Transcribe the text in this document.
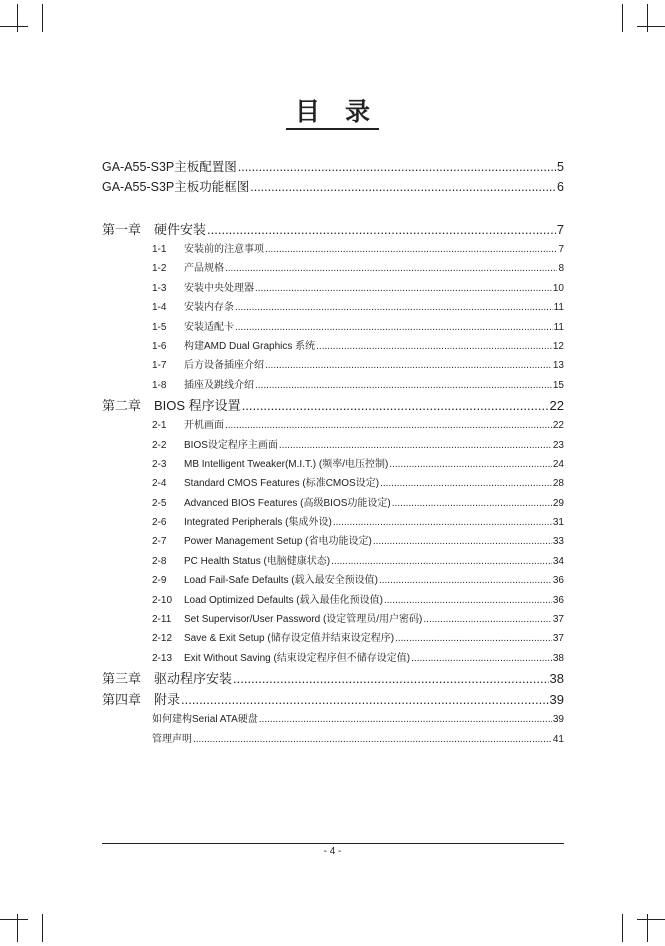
目 录
GA-A55-S3P主板配置图 .....	5
GA-A55-S3P主板功能框图 .....	6
第一章 硬件安装 .....	7
1-1	安装前的注意事项 .....	7
1-2	产品规格 .....	8
1-3	安装中央处理器 .....	10
1-4	安装内存条 .....	11
1-5	安装适配卡 .....	11
1-6	构建AMD Dual Graphics 系统 .....	12
1-7	后方设备插座介绍 .....	13
1-8	插座及跳线介绍 .....	15
第二章 BIOS 程序设置 .....	22
2-1	开机画面 .....	22
2-2	BIOS设定程序主画面 .....	23
2-3	MB Intelligent Tweaker(M.I.T.) (频率/电压控制) .....	24
2-4	Standard CMOS Features (标准CMOS设定) .....	28
2-5	Advanced BIOS Features (高级BIOS功能设定) .....	29
2-6	Integrated Peripherals (集成外设) .....	31
2-7	Power Management Setup (省电功能设定) .....	33
2-8	PC Health Status (电脑健康状态) .....	34
2-9	Load Fail-Safe Defaults (载入最安全预设值) .....	36
2-10	Load Optimized Defaults (载入最佳化预设值) .....	36
2-11	Set Supervisor/User Password (设定管理员/用户密码) .....	37
2-12	Save & Exit Setup (储存设定值并结束设定程序) .....	37
2-13	Exit Without Saving (结束设定程序但不储存设定值) .....	38
第三章 驱动程序安装 .....	38
第四章 附录 .....	39
如何建构Serial ATA硬盘 .....	39
管理声明 .....	41
- 4 -
